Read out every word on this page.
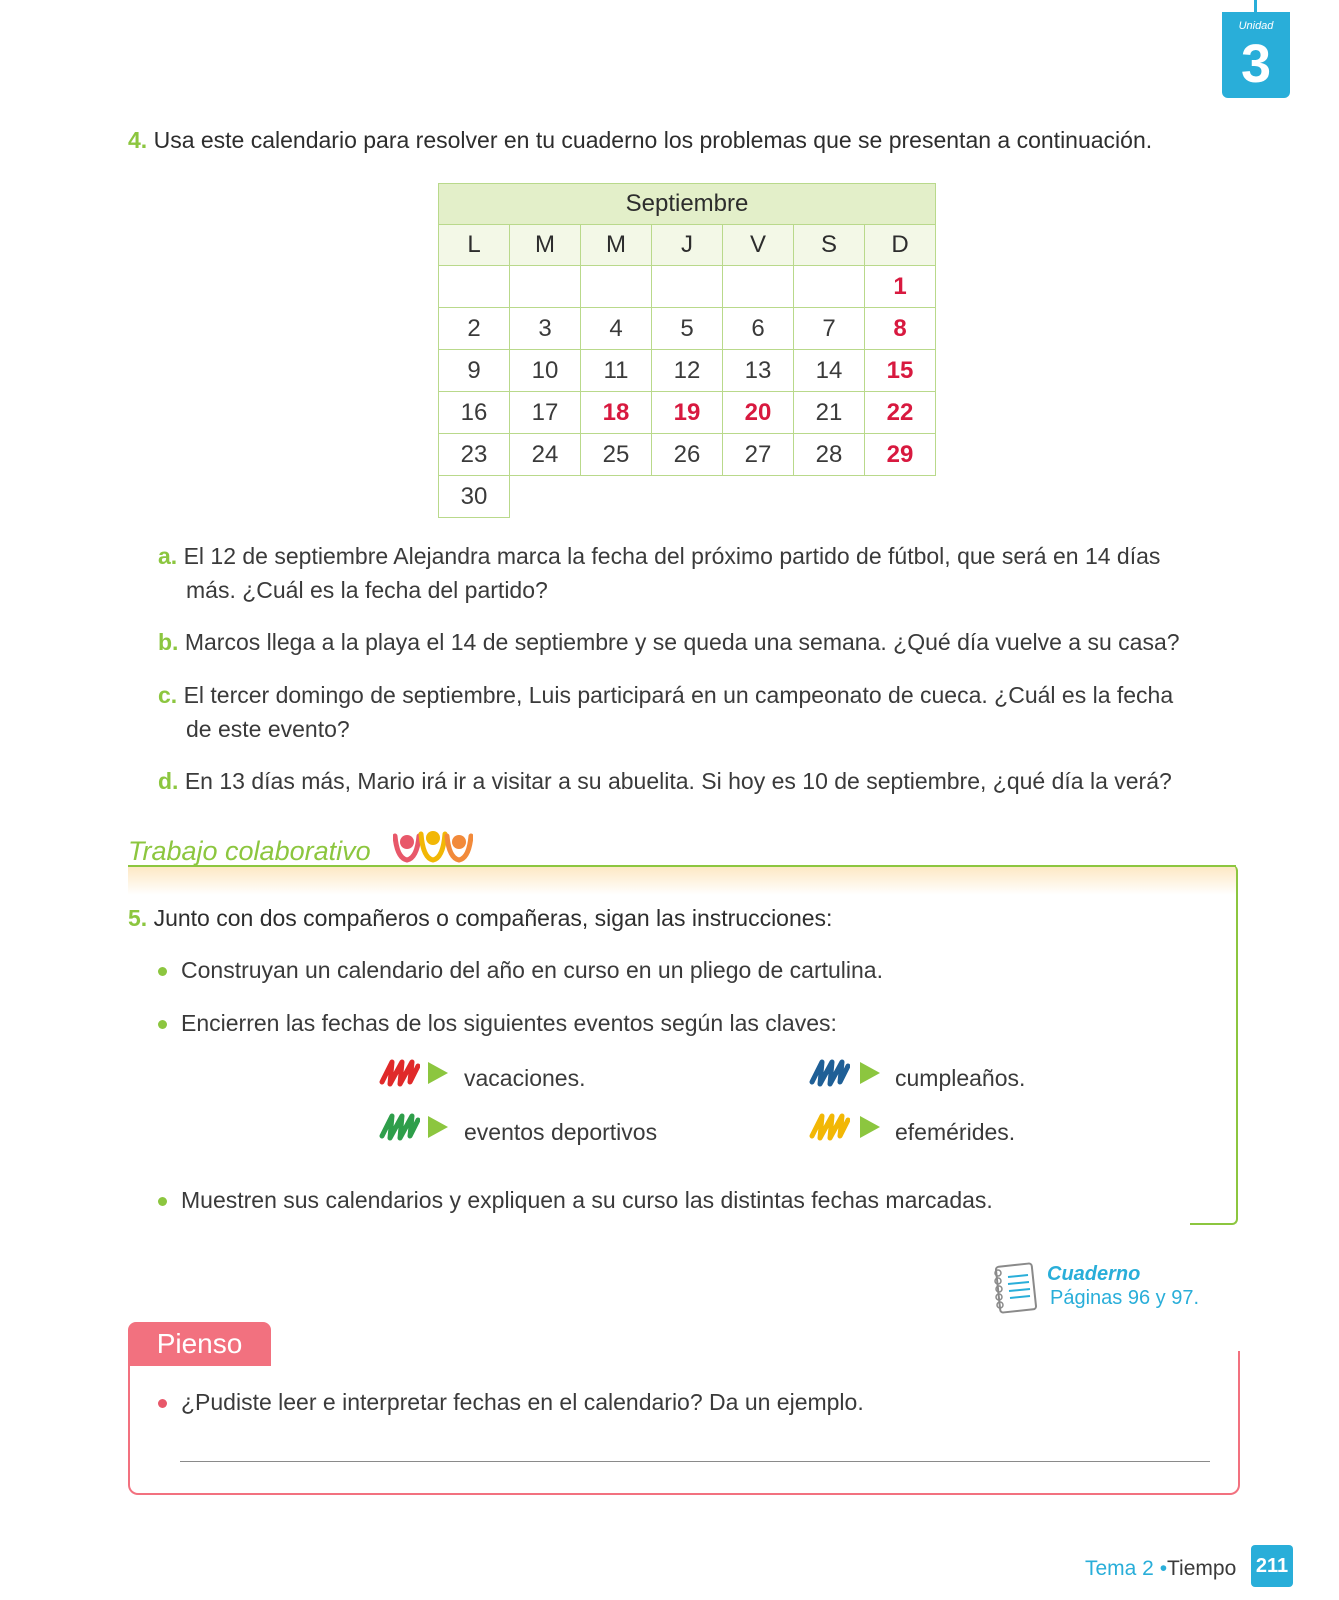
Unidad
3
4. Usa este calendario para resolver en tu cuaderno los problemas que se presentan a continuación.
Septiembre						
L	M	M	J	V	S	D
						1
2	3	4	5	6	7	8
9	10	11	12	13	14	15
16	17	18	19	20	21	22
23	24	25	26	27	28	29
30						
a. El 12 de septiembre Alejandra marca la fecha del próximo partido de fútbol, que será en 14 días
más. ¿Cuál es la fecha del partido?
b. Marcos llega a la playa el 14 de septiembre y se queda una semana. ¿Qué día vuelve a su casa?
c. El tercer domingo de septiembre, Luis participará en un campeonato de cueca. ¿Cuál es la fecha
de este evento?
d. En 13 días más, Mario irá ir a visitar a su abuelita. Si hoy es 10 de septiembre, ¿qué día la verá?
Trabajo colaborativo
5. Junto con dos compañeros o compañeras, sigan las instrucciones:
Construyan un calendario del año en curso en un pliego de cartulina.
Encierren las fechas de los siguientes eventos según las claves:
vacaciones.	cumpleaños.
eventos deportivos	efemérides.
Muestren sus calendarios y expliquen a su curso las distintas fechas marcadas.
Cuaderno
Páginas 96 y 97.
Pienso
¿Pudiste leer e interpretar fechas en el calendario? Da un ejemplo.
Tema 2 • Tiempo 211
